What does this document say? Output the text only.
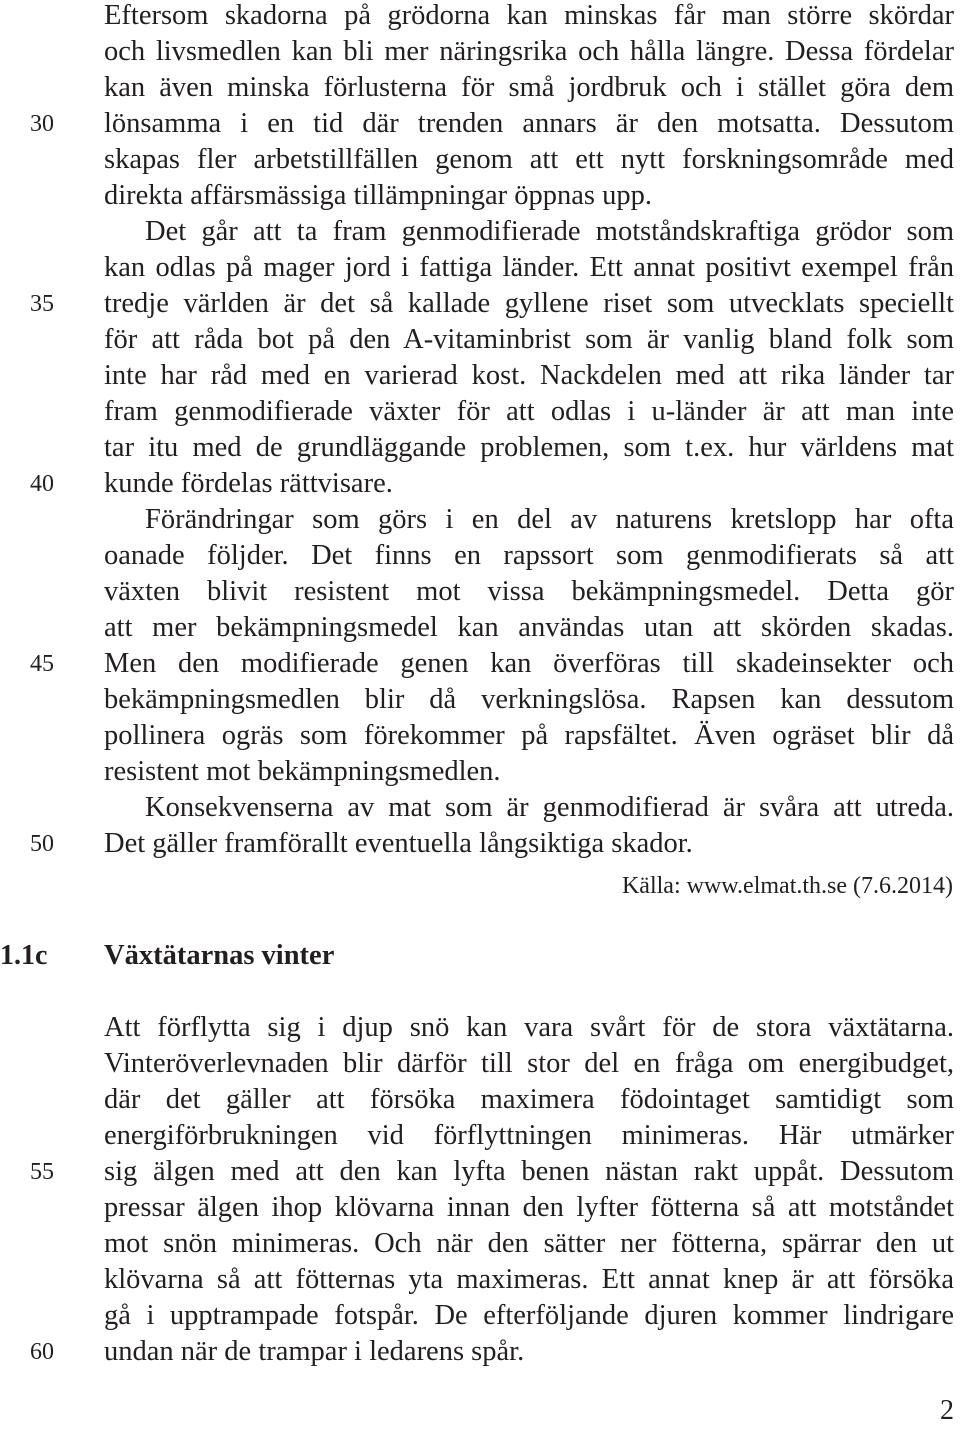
Eftersom skadorna på grödorna kan minskas får man större skördar
och livsmedlen kan bli mer näringsrika och hålla längre. Dessa fördelar
kan även minska förlusterna för små jordbruk och i stället göra dem
lönsamma i en tid där trenden annars är den motsatta. Dessutom
skapas fler arbetstillfällen genom att ett nytt forskningsområde med
direkta affärsmässiga tillämpningar öppnas upp.
Det går att ta fram genmodifierade motståndskraftiga grödor som
kan odlas på mager jord i fattiga länder. Ett annat positivt exempel från
tredje världen är det så kallade gyllene riset som utvecklats speciellt
för att råda bot på den A-vitaminbrist som är vanlig bland folk som
inte har råd med en varierad kost. Nackdelen med att rika länder tar
fram genmodifierade växter för att odlas i u-länder är att man inte
tar itu med de grundläggande problemen, som t.ex. hur världens mat
kunde fördelas rättvisare.
Förändringar som görs i en del av naturens kretslopp har ofta
oanade följder. Det finns en rapssort som genmodifierats så att
växten blivit resistent mot vissa bekämpningsmedel. Detta gör
att mer bekämpningsmedel kan användas utan att skörden skadas.
Men den modifierade genen kan överföras till skadeinsekter och
bekämpningsmedlen blir då verkningslösa. Rapsen kan dessutom
pollinera ogräs som förekommer på rapsfältet. Även ogräset blir då
resistent mot bekämpningsmedlen.
Konsekvenserna av mat som är genmodifierad är svåra att utreda.
Det gäller framförallt eventuella långsiktiga skador.
Källa: www.elmat.th.se (7.6.2014)
1.1c Växtätarnas vinter
Att förflytta sig i djup snö kan vara svårt för de stora växtätarna.
Vinteröverlevnaden blir därför till stor del en fråga om energibudget,
där det gäller att försöka maximera födointaget samtidigt som
energiförbrukningen vid förflyttningen minimeras. Här utmärker
sig älgen med att den kan lyfta benen nästan rakt uppåt. Dessutom
pressar älgen ihop klövarna innan den lyfter fötterna så att motståndet
mot snön minimeras. Och när den sätter ner fötterna, spärrar den ut
klövarna så att fötternas yta maximeras. Ett annat knep är att försöka
gå i upptrampade fotspår. De efterföljande djuren kommer lindrigare
undan när de trampar i ledarens spår.
30
35
40
45
50
55
60
2
